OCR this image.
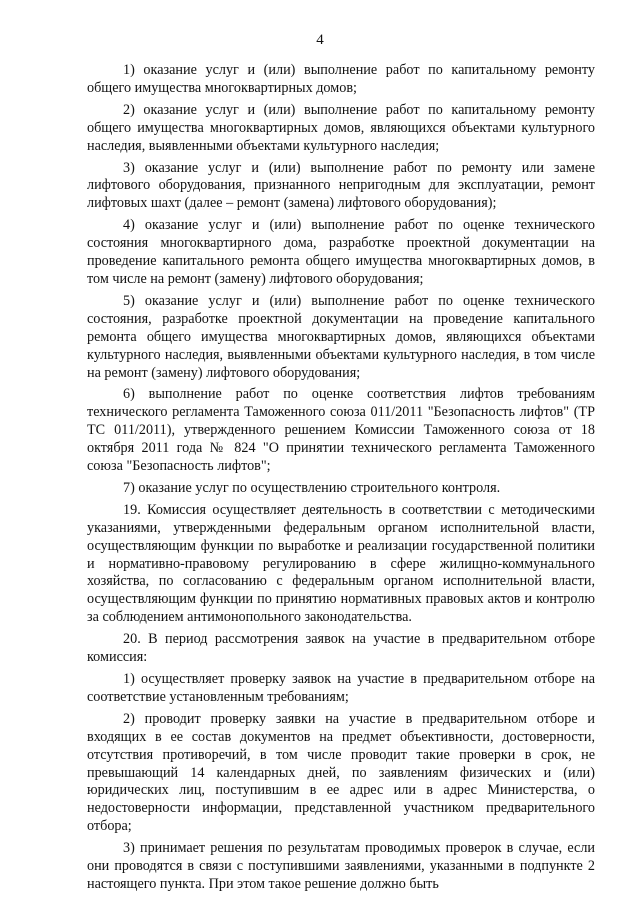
4

1) оказание услуг и (или) выполнение работ по капитальному ремонту общего имущества многоквартирных домов;

2) оказание услуг и (или) выполнение работ по капитальному ремонту общего имущества многоквартирных домов, являющихся объектами культурного наследия, выявленными объектами культурного наследия;

3) оказание услуг и (или) выполнение работ по ремонту или замене лифтового оборудования, признанного непригодным для эксплуатации, ремонт лифтовых шахт (далее – ремонт (замена) лифтового оборудования);

4) оказание услуг и (или) выполнение работ по оценке технического состояния многоквартирного дома, разработке проектной документации на проведение капитального ремонта общего имущества многоквартирных домов, в том числе на ремонт (замену) лифтового оборудования;

5) оказание услуг и (или) выполнение работ по оценке технического состояния, разработке проектной документации на проведение капитального ремонта общего имущества многоквартирных домов, являющихся объектами культурного наследия, выявленными объектами культурного наследия, в том числе на ремонт (замену) лифтового оборудования;

6) выполнение работ по оценке соответствия лифтов требованиям технического регламента Таможенного союза 011/2011 "Безопасность лифтов" (ТР ТС 011/2011), утвержденного решением Комиссии Таможенного союза от 18 октября 2011 года № 824 "О принятии технического регламента Таможенного союза "Безопасность лифтов";

7) оказание услуг по осуществлению строительного контроля.

19. Комиссия осуществляет деятельность в соответствии с методическими указаниями, утвержденными федеральным органом исполнительной власти, осуществляющим функции по выработке и реализации государственной политики и нормативно-правовому регулированию в сфере жилищно-коммунального хозяйства, по согласованию с федеральным органом исполнительной власти, осуществляющим функции по принятию нормативных правовых актов и контролю за соблюдением антимонопольного законодательства.

20. В период рассмотрения заявок на участие в предварительном отборе комиссия:

1) осуществляет проверку заявок на участие в предварительном отборе на соответствие установленным требованиям;

2) проводит проверку заявки на участие в предварительном отборе и входящих в ее состав документов на предмет объективности, достоверности, отсутствия противоречий, в том числе проводит такие проверки в срок, не превышающий 14 календарных дней, по заявлениям физических и (или) юридических лиц, поступившим в ее адрес или в адрес Министерства, о недостоверности информации, представленной участником предварительного отбора;

3) принимает решения по результатам проводимых проверок в случае, если они проводятся в связи с поступившими заявлениями, указанными в подпункте 2 настоящего пункта. При этом такое решение должно быть
